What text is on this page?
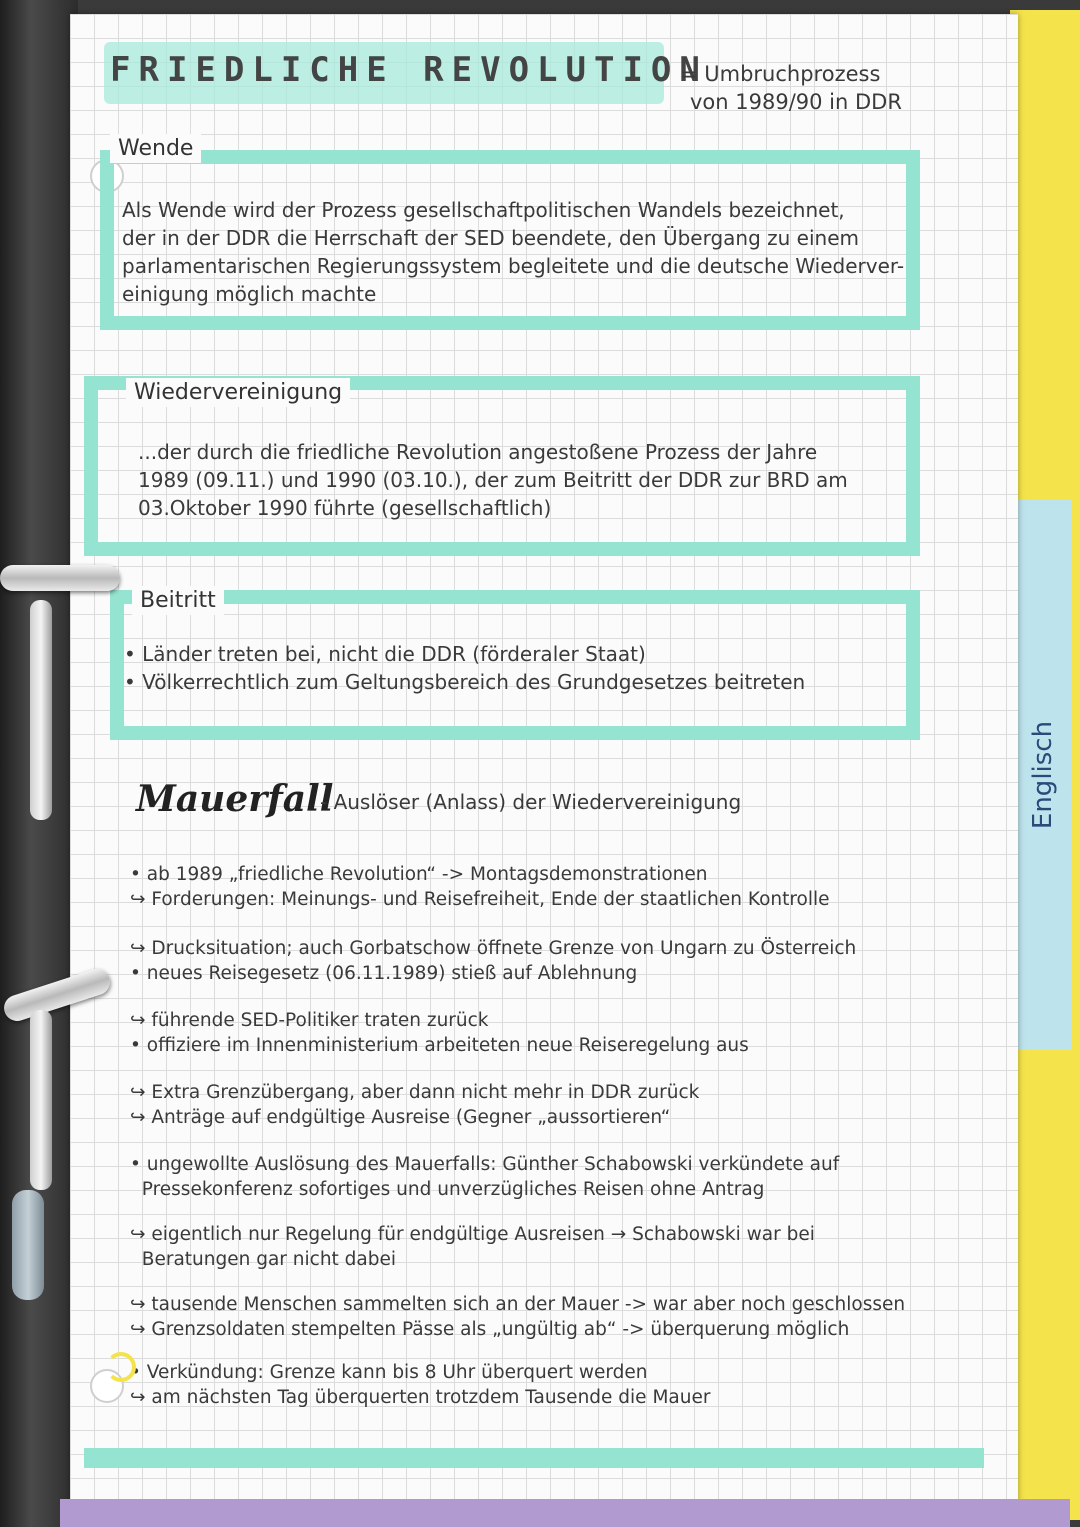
Englisch
FRIEDLICHE REVOLUTION
= Umbruchprozess
von 1989/90 in DDR
Wende
Als Wende wird der Prozess gesellschaftpolitischen Wandels bezeichnet,
der in der DDR die Herrschaft der SED beendete, den Übergang zu einem
parlamentarischen Regierungssystem begleitete und die deutsche Wiederver-
einigung möglich machte
Wiedervereinigung
...der durch die friedliche Revolution angestoßene Prozess der Jahre
1989 (09.11.) und 1990 (03.10.), der zum Beitritt der DDR zur BRD am
03.Oktober 1990 führte (gesellschaftlich)
Beitritt
• Länder treten bei, nicht die DDR (förderaler Staat)
• Völkerrechtlich zum Geltungsbereich des Grundgesetzes beitreten
Mauerfall
- Auslöser (Anlass) der Wiedervereinigung
• ab 1989 „friedliche Revolution“ -> Montagsdemonstrationen
↪ Forderungen: Meinungs- und Reisefreiheit, Ende der staatlichen Kontrolle
↪ Drucksituation; auch Gorbatschow öffnete Grenze von Ungarn zu Österreich
• neues Reisegesetz (06.11.1989) stieß auf Ablehnung
↪ führende SED-Politiker traten zurück
• offiziere im Innenministerium arbeiteten neue Reiseregelung aus
↪ Extra Grenzübergang, aber dann nicht mehr in DDR zurück
↪ Anträge auf endgültige Ausreise (Gegner „aussortieren“
• ungewollte Auslösung des Mauerfalls: Günther Schabowski verkündete auf
Pressekonferenz sofortiges und unverzügliches Reisen ohne Antrag
↪ eigentlich nur Regelung für endgültige Ausreisen → Schabowski war bei
Beratungen gar nicht dabei
↪ tausende Menschen sammelten sich an der Mauer -> war aber noch geschlossen
↪ Grenzsoldaten stempelten Pässe als „ungültig ab“ -> überquerung möglich
• Verkündung: Grenze kann bis 8 Uhr überquert werden
↪ am nächsten Tag überquerten trotzdem Tausende die Mauer
